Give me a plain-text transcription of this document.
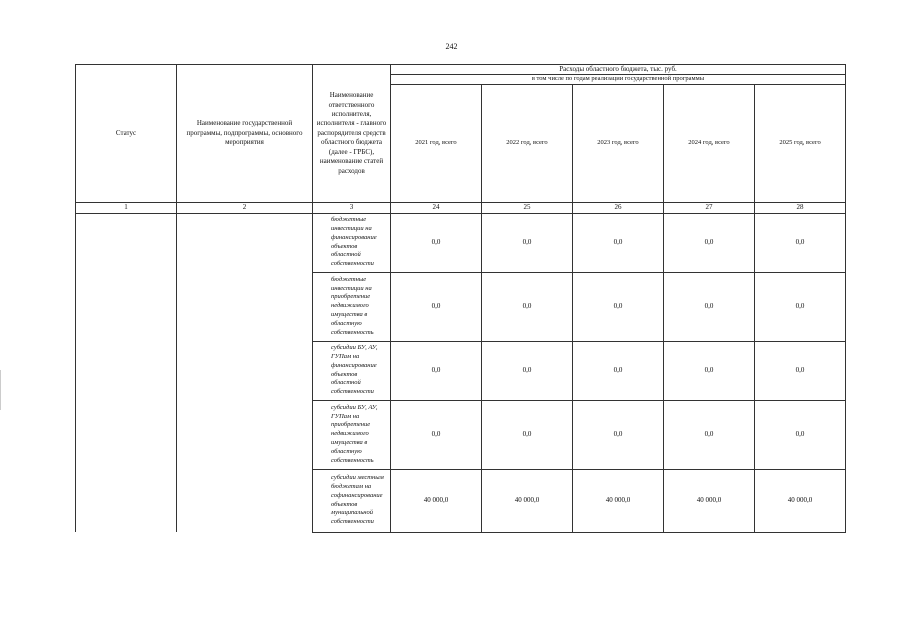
242
Статус	Наименование государственной программы, подпрограммы, основного мероприятия	Наименование ответственного исполнителя, исполнителя - главного распорядителя средств областного бюджета (далее - ГРБС), наименование статей расходов	Расходы областного бюджета, тыс. руб.				
			в том числе по годам реализации государственной программы				
			2021 год, всего	2022 год, всего	2023 год, всего	2024 год, всего	2025 год, всего
1	2	3	24	25	26	27	28
		бюджетные инвестиции на финансирование объектов областной собственности	0,0	0,0	0,0	0,0	0,0
		бюджетные инвестиции на приобретение недвижимого имущества в областную собственность	0,0	0,0	0,0	0,0	0,0
		субсидии БУ, АУ, ГУПам на финансирование объектов областной собственности	0,0	0,0	0,0	0,0	0,0
		субсидии БУ, АУ, ГУПам на приобретение недвижимого имущества в областную собственность	0,0	0,0	0,0	0,0	0,0
		субсидии местным бюджетам на софинансирование объектов муниципальной собственности	40 000,0	40 000,0	40 000,0	40 000,0	40 000,0
